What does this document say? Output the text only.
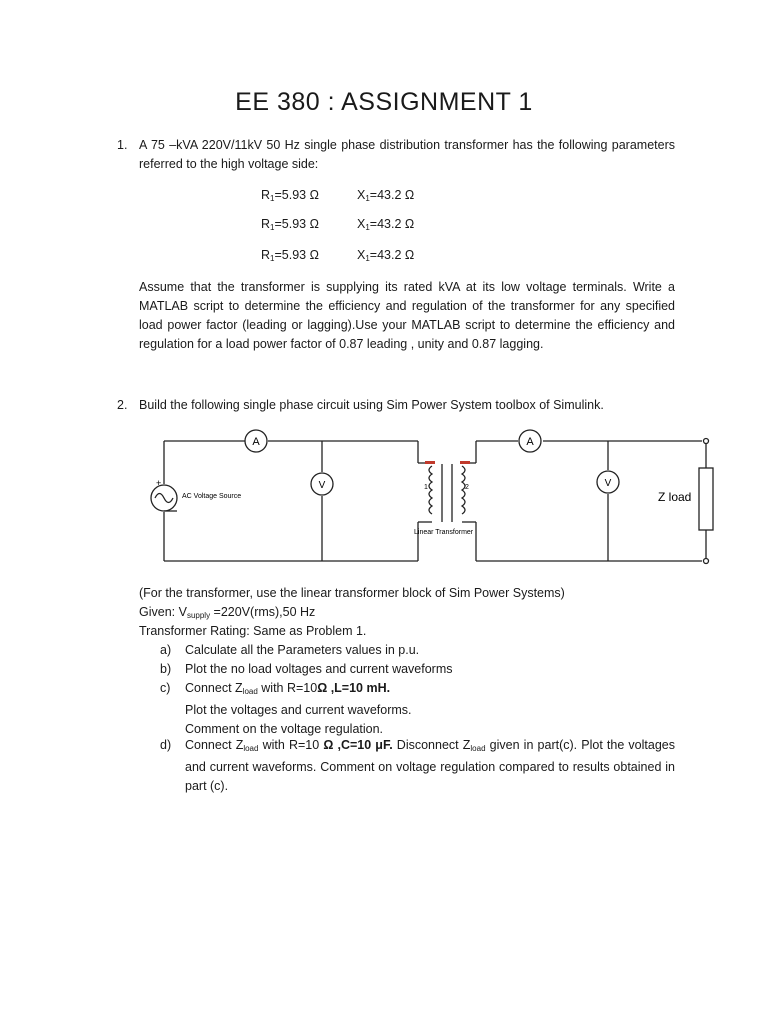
EE 380 : ASSIGNMENT 1
1. A 75 –kVA 220V/11kV 50 Hz single phase distribution transformer has the following parameters referred to the high voltage side:
$R_1=5.93$ Ω	$X_1=43.2$ Ω
$R_1=5.93$ Ω	$X_1=43.2$ Ω
$R_1=5.93$ Ω	$X_1=43.2$ Ω
Assume that the transformer is supplying its rated kVA at its low voltage terminals. Write a MATLAB script to determine the efficiency and regulation of the transformer for any specified load power factor (leading or lagging).Use your MATLAB script to determine the efficiency and regulation for a load power factor of 0.87 leading , unity and 0.87 lagging.
2. Build the following single phase circuit using Sim Power System toolbox of Simulink.
A	A
V	V
+
AC Voltage Source
1	2
Linear Transformer
Z load
(For the transformer, use the linear transformer block of Sim Power Systems)
Given: $V_{supply} =220V(rms),50$ Hz
Transformer Rating: Same as Problem 1.
a) Calculate all the Parameters values in p.u.
b) Plot the no load voltages and current waveforms
c) Connect $Z_{load}$ with R=10Ω ,L=10 mH.
Plot the voltages and current waveforms.
Comment on the voltage regulation.
d) Connect $Z_{load}$ with R=10 Ω ,C=10 μF. Disconnect $Z_{load}$ given in part(c). Plot the voltages and current waveforms. Comment on voltage regulation compared to results obtained in part (c).
